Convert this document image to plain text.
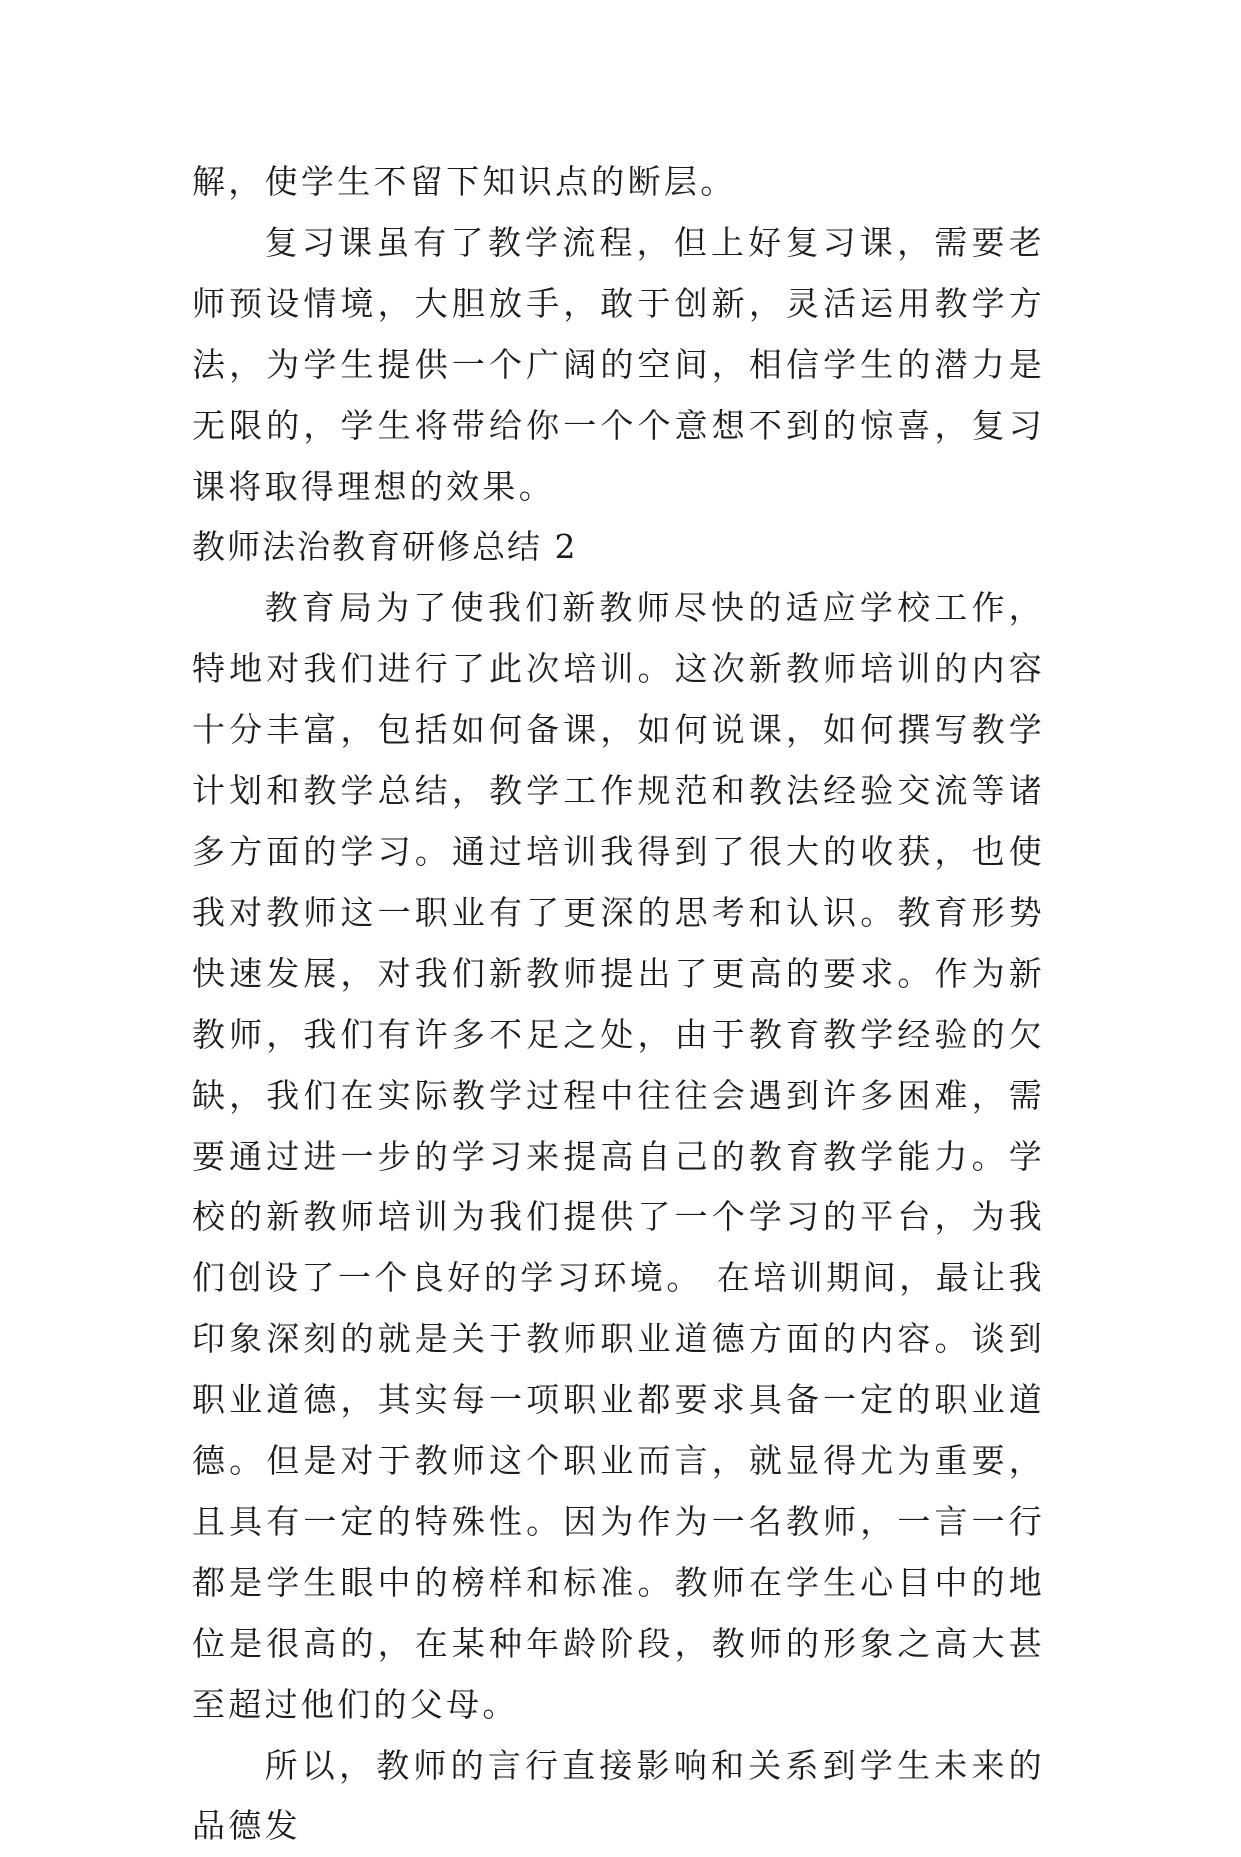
解，使学生不留下知识点的断层。

复习课虽有了教学流程，但上好复习课，需要老师预设情境，大胆放手，敢于创新，灵活运用教学方法，为学生提供一个广阔的空间，相信学生的潜力是无限的，学生将带给你一个个意想不到的惊喜，复习课将取得理想的效果。

教师法治教育研修总结 2

教育局为了使我们新教师尽快的适应学校工作，特地对我们进行了此次培训。这次新教师培训的内容十分丰富，包括如何备课，如何说课，如何撰写教学计划和教学总结，教学工作规范和教法经验交流等诸多方面的学习。通过培训我得到了很大的收获，也使我对教师这一职业有了更深的思考和认识。教育形势快速发展，对我们新教师提出了更高的要求。作为新教师，我们有许多不足之处，由于教育教学经验的欠缺，我们在实际教学过程中往往会遇到许多困难，需要通过进一步的学习来提高自己的教育教学能力。学校的新教师培训为我们提供了一个学习的平台，为我们创设了一个良好的学习环境。 在培训期间，最让我印象深刻的就是关于教师职业道德方面的内容。谈到职业道德，其实每一项职业都要求具备一定的职业道德。但是对于教师这个职业而言，就显得尤为重要，且具有一定的特殊性。因为作为一名教师，一言一行都是学生眼中的榜样和标准。教师在学生心目中的地位是很高的，在某种年龄阶段，教师的形象之高大甚至超过他们的父母。

所以，教师的言行直接影响和关系到学生未来的品德发
